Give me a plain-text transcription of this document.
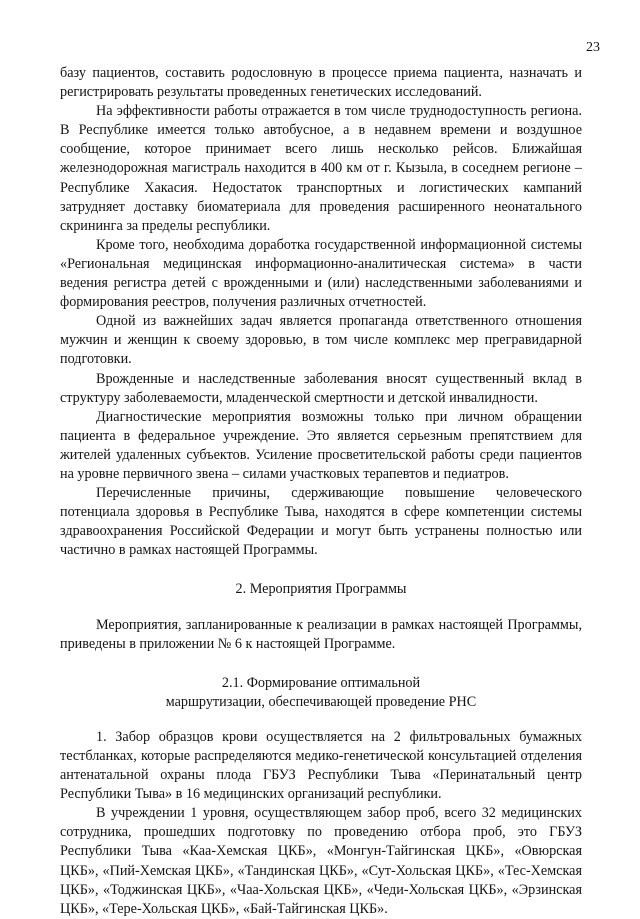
23

базу пациентов, составить родословную в процессе приема пациента, назначать и регистрировать результаты проведенных генетических исследований.

На эффективности работы отражается в том числе труднодоступность региона. В Республике имеется только автобусное, а в недавнем времени и воздушное сообщение, которое принимает всего лишь несколько рейсов. Ближайшая железнодорожная магистраль находится в 400 км от г. Кызыла, в соседнем регионе – Республике Хакасия. Недостаток транспортных и логистических кампаний затрудняет доставку биоматериала для проведения расширенного неонатального скрининга за пределы республики.

Кроме того, необходима доработка государственной информационной системы «Региональная медицинская информационно-аналитическая система» в части ведения регистра детей с врожденными и (или) наследственными заболеваниями и формирования реестров, получения различных отчетностей.

Одной из важнейших задач является пропаганда ответственного отношения мужчин и женщин к своему здоровью, в том числе комплекс мер прегравидарной подготовки.

Врожденные и наследственные заболевания вносят существенный вклад в структуру заболеваемости, младенческой смертности и детской инвалидности.

Диагностические мероприятия возможны только при личном обращении пациента в федеральное учреждение. Это является серьезным препятствием для жителей удаленных субъектов. Усиление просветительской работы среди пациентов на уровне первичного звена – силами участковых терапевтов и педиатров.

Перечисленные причины, сдерживающие повышение человеческого потенциала здоровья в Республике Тыва, находятся в сфере компетенции системы здравоохранения Российской Федерации и могут быть устранены полностью или частично в рамках настоящей Программы.

2. Мероприятия Программы

Мероприятия, запланированные к реализации в рамках настоящей Программы, приведены в приложении № 6 к настоящей Программе.

2.1. Формирование оптимальной
маршрутизации, обеспечивающей проведение РНС

1. Забор образцов крови осуществляется на 2 фильтровальных бумажных тестбланках, которые распределяются медико-генетической консультацией отделения антенатальной охраны плода ГБУЗ Республики Тыва «Перинатальный центр Республики Тыва» в 16 медицинских организаций республики.

В учреждении 1 уровня, осуществляющем забор проб, всего 32 медицинских сотрудника, прошедших подготовку по проведению отбора проб, это ГБУЗ Республики Тыва «Каа-Хемская ЦКБ», «Монгун-Тайгинская ЦКБ», «Овюрская ЦКБ», «Пий-Хемская ЦКБ», «Тандинская ЦКБ», «Сут-Хольская ЦКБ», «Тес-Хемская ЦКБ», «Тоджинская ЦКБ», «Чаа-Хольская ЦКБ», «Чеди-Хольская ЦКБ», «Эрзинская ЦКБ», «Тере-Хольская ЦКБ», «Бай-Тайгинская ЦКБ».
